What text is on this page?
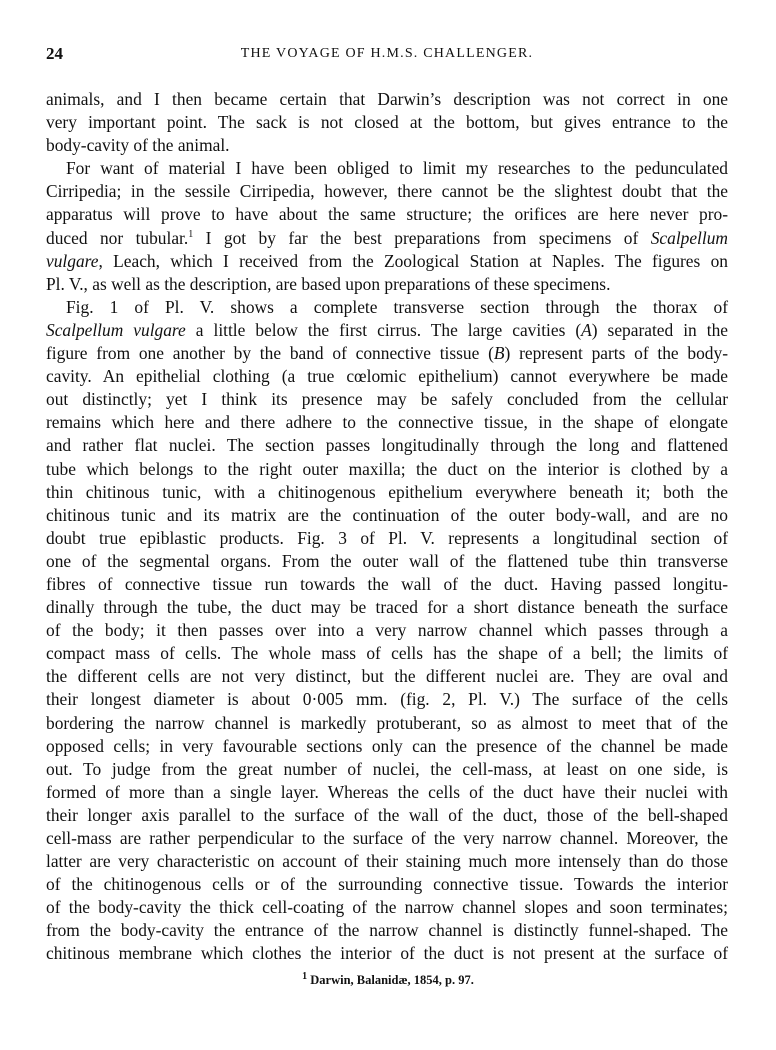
24	THE VOYAGE OF H.M.S. CHALLENGER.
animals, and I then became certain that Darwin’s description was not correct in one
very important point. The sack is not closed at the bottom, but gives entrance to the
body-cavity of the animal.
For want of material I have been obliged to limit my researches to the pedunculated
Cirripedia; in the sessile Cirripedia, however, there cannot be the slightest doubt that the
apparatus will prove to have about the same structure; the orifices are here never pro-
duced nor tubular.$^1$ I got by far the best preparations from specimens of Scalpellum
vulgare, Leach, which I received from the Zoological Station at Naples. The figures on
Pl. V., as well as the description, are based upon preparations of these specimens.
Fig. 1 of Pl. V. shows a complete transverse section through the thorax of
Scalpellum vulgare a little below the first cirrus. The large cavities (A) separated in the
figure from one another by the band of connective tissue (B) represent parts of the body-
cavity. An epithelial clothing (a true cœlomic epithelium) cannot everywhere be made
out distinctly; yet I think its presence may be safely concluded from the cellular
remains which here and there adhere to the connective tissue, in the shape of elongate
and rather flat nuclei. The section passes longitudinally through the long and flattened
tube which belongs to the right outer maxilla; the duct on the interior is clothed by a
thin chitinous tunic, with a chitinogenous epithelium everywhere beneath it; both the
chitinous tunic and its matrix are the continuation of the outer body-wall, and are no
doubt true epiblastic products. Fig. 3 of Pl. V. represents a longitudinal section of
one of the segmental organs. From the outer wall of the flattened tube thin transverse
fibres of connective tissue run towards the wall of the duct. Having passed longitu-
dinally through the tube, the duct may be traced for a short distance beneath the surface
of the body; it then passes over into a very narrow channel which passes through a
compact mass of cells. The whole mass of cells has the shape of a bell; the limits of
the different cells are not very distinct, but the different nuclei are. They are oval and
their longest diameter is about 0·005 mm. (fig. 2, Pl. V.) The surface of the cells
bordering the narrow channel is markedly protuberant, so as almost to meet that of the
opposed cells; in very favourable sections only can the presence of the channel be made
out. To judge from the great number of nuclei, the cell-mass, at least on one side, is
formed of more than a single layer. Whereas the cells of the duct have their nuclei with
their longer axis parallel to the surface of the wall of the duct, those of the bell-shaped
cell-mass are rather perpendicular to the surface of the very narrow channel. Moreover, the
latter are very characteristic on account of their staining much more intensely than do those
of the chitinogenous cells or of the surrounding connective tissue. Towards the interior
of the body-cavity the thick cell-coating of the narrow channel slopes and soon terminates;
from the body-cavity the entrance of the narrow channel is distinctly funnel-shaped. The
chitinous membrane which clothes the interior of the duct is not present at the surface of
$^1$ Darwin, Balanidæ, 1854, p. 97.
